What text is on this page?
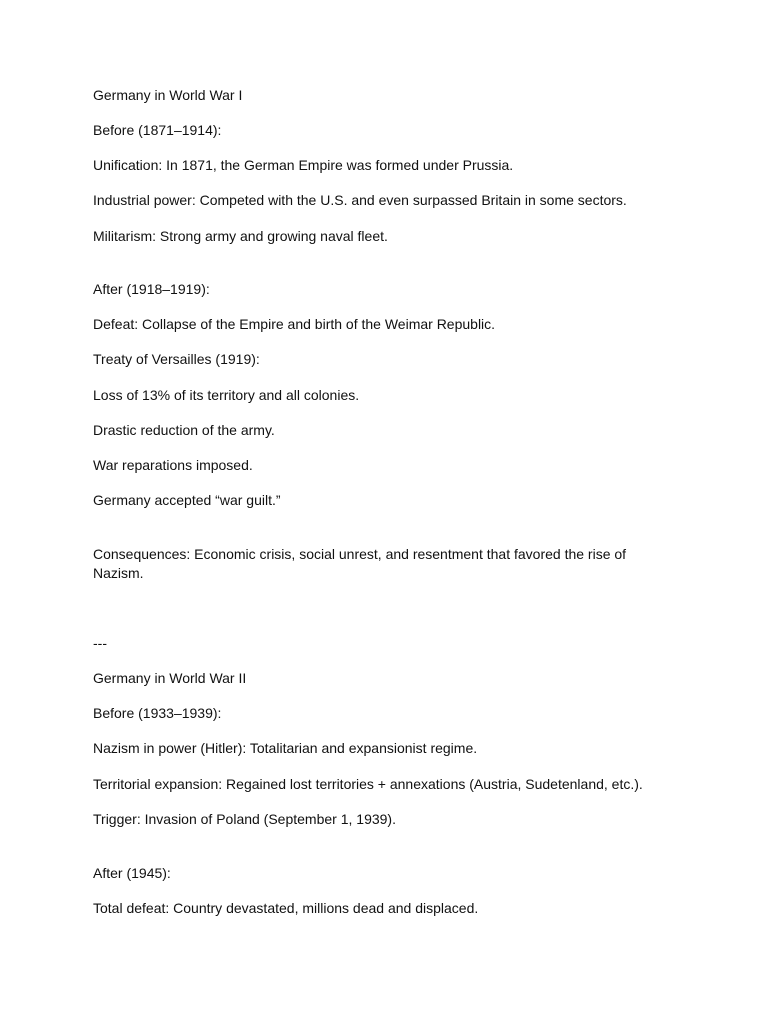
Germany in World War I

Before (1871–1914):

Unification: In 1871, the German Empire was formed under Prussia.

Industrial power: Competed with the U.S. and even surpassed Britain in some sectors.

Militarism: Strong army and growing naval fleet.

After (1918–1919):

Defeat: Collapse of the Empire and birth of the Weimar Republic.

Treaty of Versailles (1919):

Loss of 13% of its territory and all colonies.

Drastic reduction of the army.

War reparations imposed.

Germany accepted “war guilt.”

Consequences: Economic crisis, social unrest, and resentment that favored the rise of Nazism.

---

Germany in World War II

Before (1933–1939):

Nazism in power (Hitler): Totalitarian and expansionist regime.

Territorial expansion: Regained lost territories + annexations (Austria, Sudetenland, etc.).

Trigger: Invasion of Poland (September 1, 1939).

After (1945):

Total defeat: Country devastated, millions dead and displaced.
